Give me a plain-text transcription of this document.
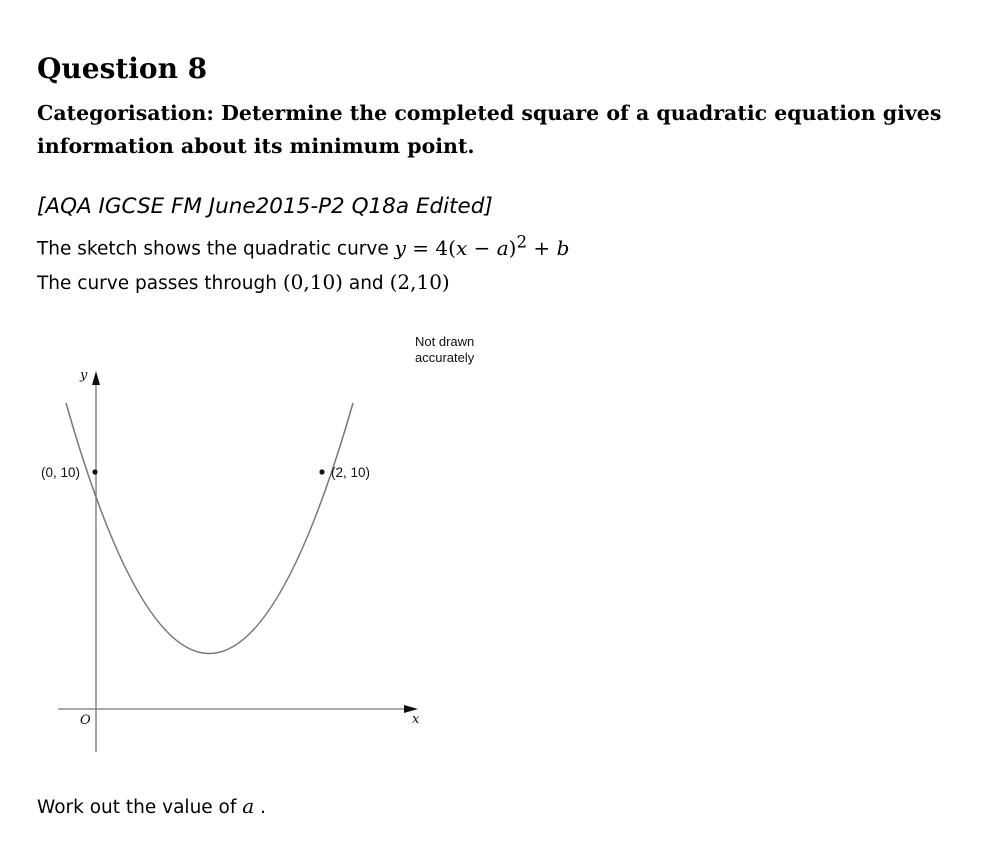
Question 8

Categorisation: Determine the completed square of a quadratic equation gives information about its minimum point.

[AQA IGCSE FM June2015-P2 Q18a Edited]

The sketch shows the quadratic curve $y = 4(x - a)^2 + b$

The curve passes through (0,10) and (2,10)

(0, 10)	(2, 10)
y
x
O
Not drawn
accurately

Work out the value of a .
